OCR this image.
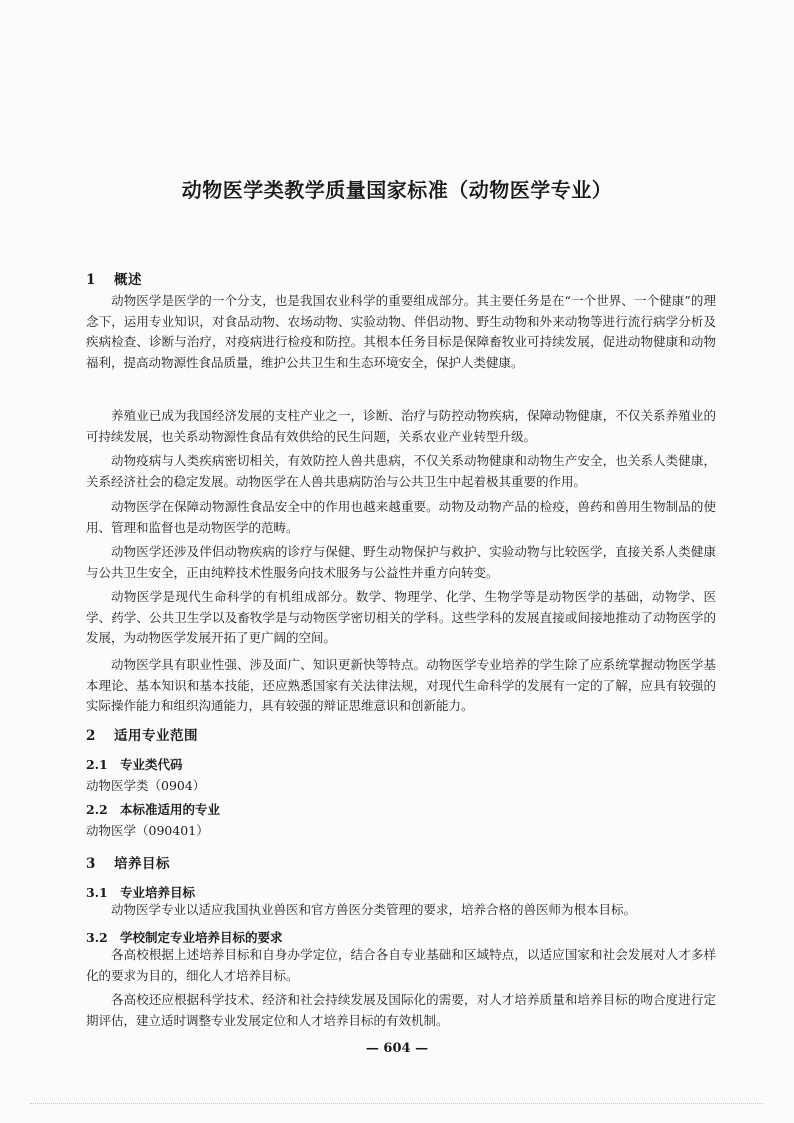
动物医学类教学质量国家标准（动物医学专业）
1 概述

动物医学是医学的一个分支，也是我国农业科学的重要组成部分。其主要任务是在“一个世界、一个健康”的理念下，运用专业知识，对食品动物、农场动物、实验动物、伴侣动物、野生动物和外来动物等进行流行病学分析及疾病检查、诊断与治疗，对疫病进行检疫和防控。其根本任务目标是保障畜牧业可持续发展，促进动物健康和动物福利，提高动物源性食品质量，维护公共卫生和生态环境安全，保护人类健康。

养殖业已成为我国经济发展的支柱产业之一，诊断、治疗与防控动物疾病，保障动物健康，不仅关系养殖业的可持续发展，也关系动物源性食品有效供给的民生问题，关系农业产业转型升级。

动物疫病与人类疾病密切相关，有效防控人兽共患病，不仅关系动物健康和动物生产安全，也关系人类健康，关系经济社会的稳定发展。动物医学在人兽共患病防治与公共卫生中起着极其重要的作用。

动物医学在保障动物源性食品安全中的作用也越来越重要。动物及动物产品的检疫，兽药和兽用生物制品的使用、管理和监督也是动物医学的范畴。

动物医学还涉及伴侣动物疾病的诊疗与保健、野生动物保护与救护、实验动物与比较医学，直接关系人类健康与公共卫生安全，正由纯粹技术性服务向技术服务与公益性并重方向转变。

动物医学是现代生命科学的有机组成部分。数学、物理学、化学、生物学等是动物医学的基础，动物学、医学、药学、公共卫生学以及畜牧学是与动物医学密切相关的学科。这些学科的发展直接或间接地推动了动物医学的发展，为动物医学发展开拓了更广阔的空间。

动物医学具有职业性强、涉及面广、知识更新快等特点。动物医学专业培养的学生除了应系统掌握动物医学基本理论、基本知识和基本技能，还应熟悉国家有关法律法规，对现代生命科学的发展有一定的了解，应具有较强的实际操作能力和组织沟通能力，具有较强的辩证思维意识和创新能力。

2 适用专业范围
2.1 专业类代码
动物医学类（0904）
2.2 本标准适用的专业
动物医学（090401）
3 培养目标
3.1 专业培养目标

动物医学专业以适应我国执业兽医和官方兽医分类管理的要求，培养合格的兽医师为根本目标。

3.2 学校制定专业培养目标的要求

各高校根据上述培养目标和自身办学定位，结合各自专业基础和区域特点，以适应国家和社会发展对人才多样化的要求为目的，细化人才培养目标。

各高校还应根据科学技术、经济和社会持续发展及国际化的需要，对人才培养质量和培养目标的吻合度进行定期评估，建立适时调整专业发展定位和人才培养目标的有效机制。

— 604 —
